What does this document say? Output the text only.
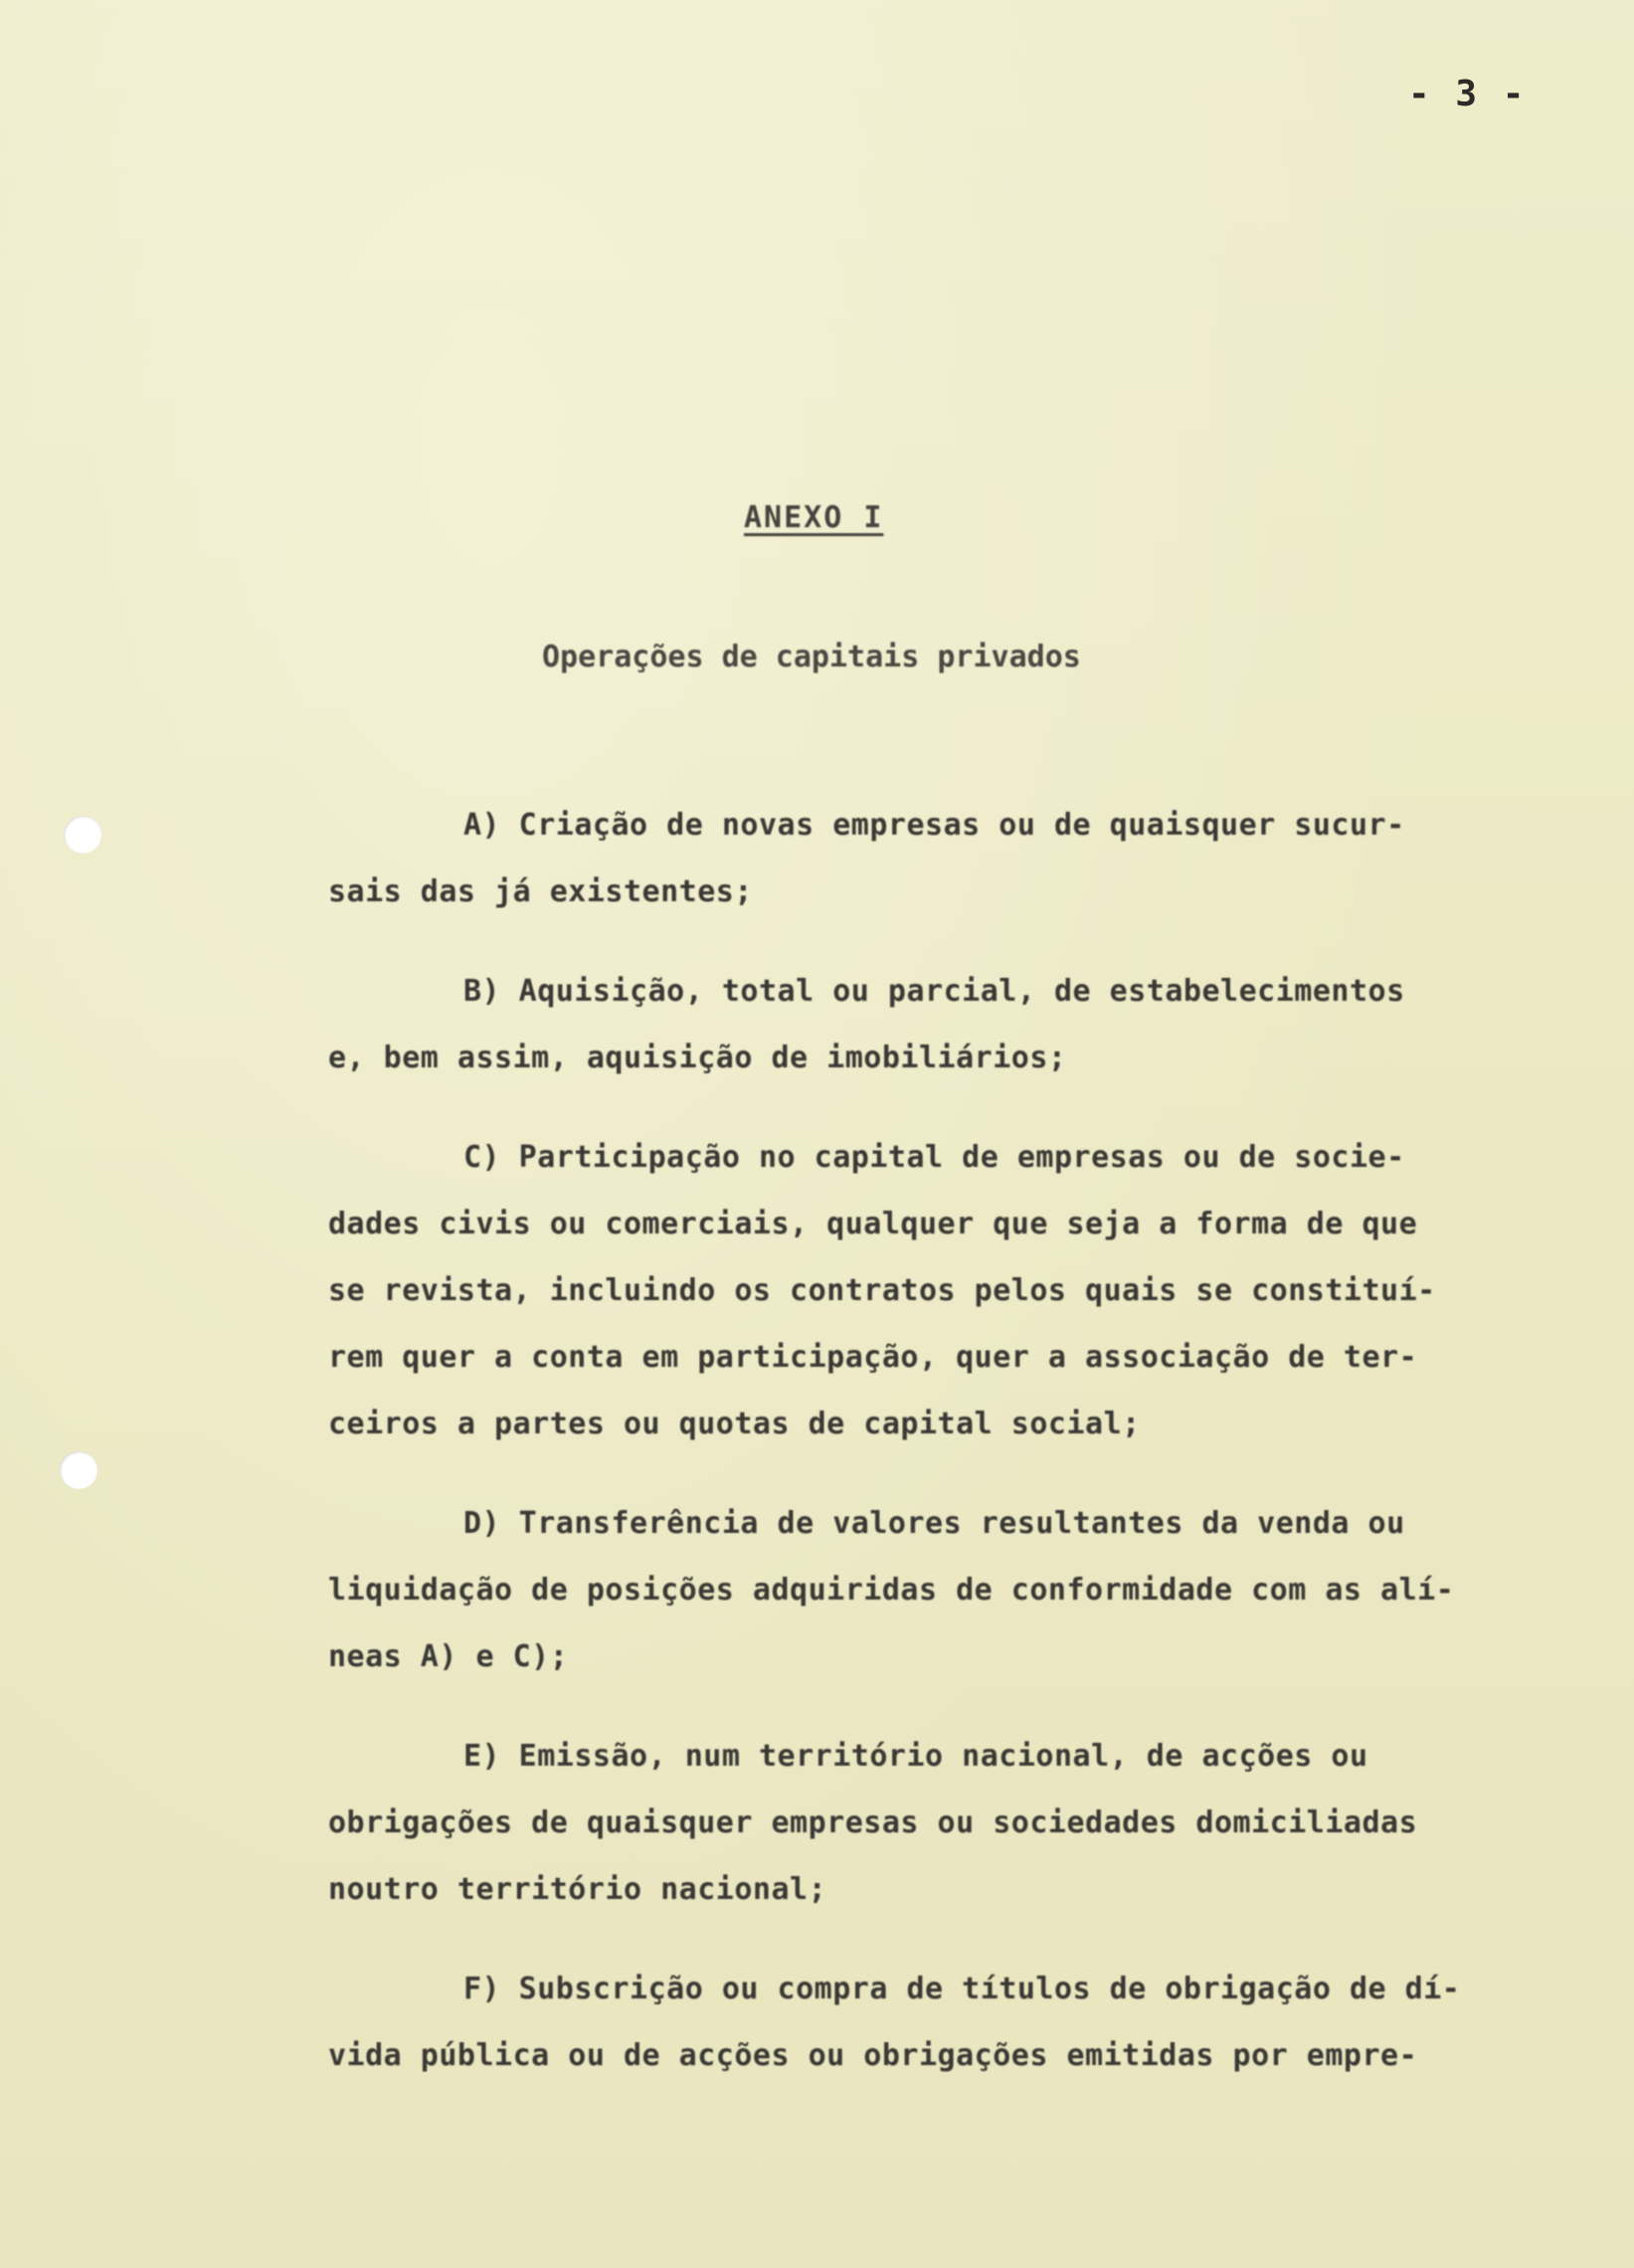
- 3 -
ANEXO I
Operações de capitais privados
A) Criação de novas empresas ou de quaisquer sucur-
sais das já existentes;
B) Aquisição, total ou parcial, de estabelecimentos
e, bem assim, aquisição de imobiliários;
C) Participação no capital de empresas ou de socie-
dades civis ou comerciais, qualquer que seja a forma de que
se revista, incluindo os contratos pelos quais se constituí-
rem quer a conta em participação, quer a associação de ter-
ceiros a partes ou quotas de capital social;
D) Transferência de valores resultantes da venda ou
liquidação de posições adquiridas de conformidade com as alí-
neas A) e C);
E) Emissão, num território nacional, de acções ou
obrigações de quaisquer empresas ou sociedades domiciliadas
noutro território nacional;
F) Subscrição ou compra de títulos de obrigação de dí-
vida pública ou de acções ou obrigações emitidas por empre-
